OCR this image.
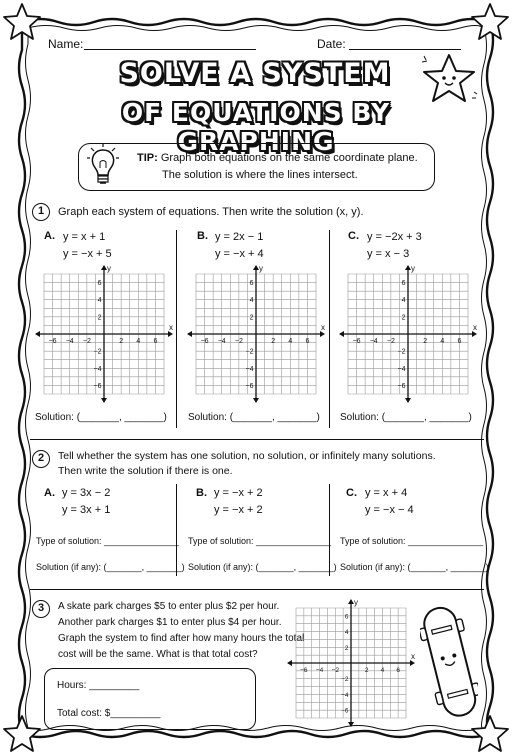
Name:	Date:
SOLVE A SYSTEM
OF EQUATIONS BY GRAPHING
TIP: Graph both equations on the same coordinate plane.
The solution is where the lines intersect.
1	Graph each system of equations. Then write the solution (x, y).
A. y = x + 1
y = −x + 5
−6 −4 −2	2 4 6
6
4
2
−2
−4
−6
x
y
Solution: (_______, _______)
B. y = 2x − 1
y = −x + 4
−6 −4 −2	2 4 6
6
4
2
−2
−4
−6
x
y
Solution: (_______, _______)
C. y = −2x + 3
y = x − 3
−6 −4 −2	2 4 6
6
4
2
−2
−4
−6
x
y
Solution: (_______, _______)
2	Tell whether the system has one solution, no solution, or infinitely many solutions.
Then write the solution if there is one.
A. y = 3x − 2
y = 3x + 1
Type of solution: _______________
Solution (if any): (_______, _______)
B. y = −x + 2
y = −x + 2
Type of solution: _______________
Solution (if any): (_______, _______)
C. y = x + 4
y = −x − 4
Type of solution: _______________
Solution (if any): (_______, _______)
3	A skate park charges $5 to enter plus $2 per hour.
Another park charges $1 to enter plus $4 per hour.
Graph the system to find after how many hours the total
cost will be the same. What is that total cost?
Hours: _________
Total cost: $_________
−6 −4 −2	2 4 6
6
4
2
−2
−4
−6
x
y
